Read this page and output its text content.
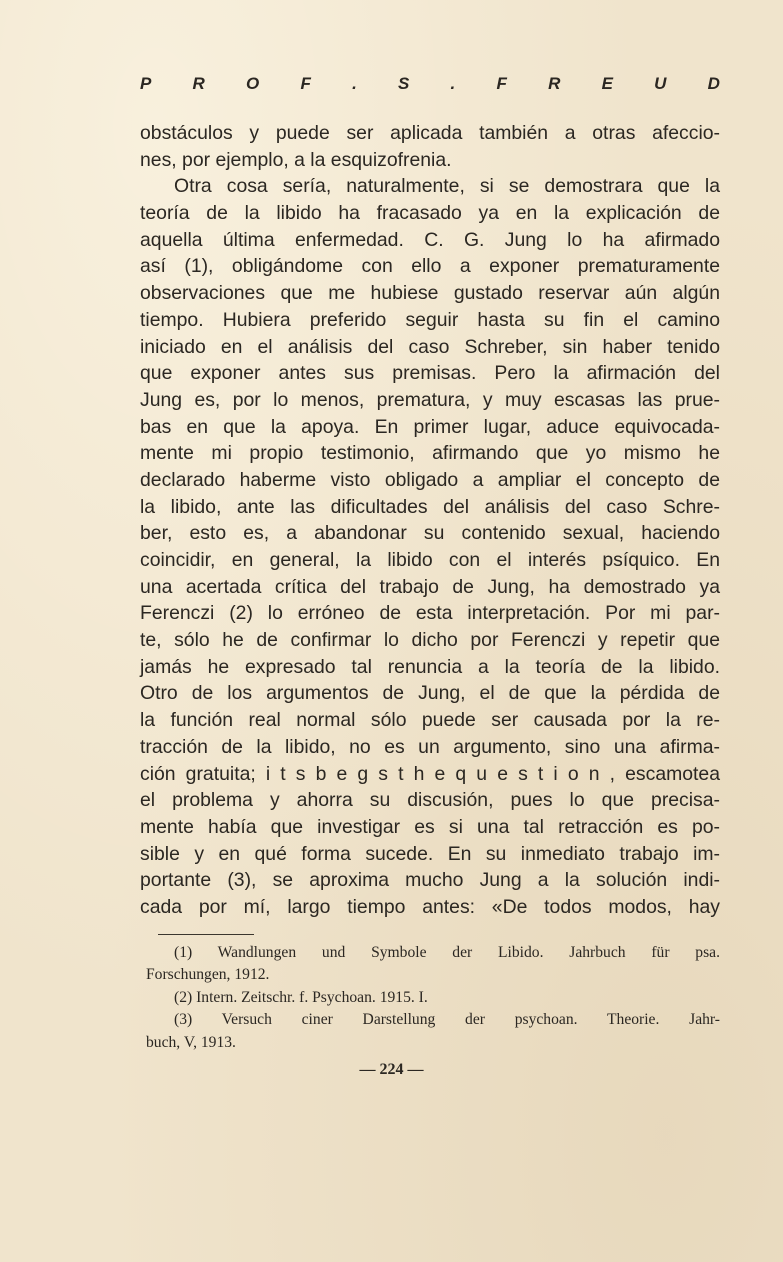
P R O F . S . F R E U D
obstáculos y puede ser aplicada también a otras afeccio-
nes, por ejemplo, a la esquizofrenia.
Otra cosa sería, naturalmente, si se demostrara que la
teoría de la libido ha fracasado ya en la explicación de
aquella última enfermedad. C. G. Jung lo ha afirmado
así (1), obligándome con ello a exponer prematuramente
observaciones que me hubiese gustado reservar aún algún
tiempo. Hubiera preferido seguir hasta su fin el camino
iniciado en el análisis del caso Schreber, sin haber tenido
que exponer antes sus premisas. Pero la afirmación del
Jung es, por lo menos, prematura, y muy escasas las prue-
bas en que la apoya. En primer lugar, aduce equivocada-
mente mi propio testimonio, afirmando que yo mismo he
declarado haberme visto obligado a ampliar el concepto de
la libido, ante las dificultades del análisis del caso Schre-
ber, esto es, a abandonar su contenido sexual, haciendo
coincidir, en general, la libido con el interés psíquico. En
una acertada crítica del trabajo de Jung, ha demostrado ya
Ferenczi (2) lo erróneo de esta interpretación. Por mi par-
te, sólo he de confirmar lo dicho por Ferenczi y repetir que
jamás he expresado tal renuncia a la teoría de la libido.
Otro de los argumentos de Jung, el de que la pérdida de
la función real normal sólo puede ser causada por la re-
tracción de la libido, no es un argumento, sino una afirma-
ción gratuita; i t s b e g s t h e q u e s t i o n , escamotea
el problema y ahorra su discusión, pues lo que precisa-
mente había que investigar es si una tal retracción es po-
sible y en qué forma sucede. En su inmediato trabajo im-
portante (3), se aproxima mucho Jung a la solución indi-
cada por mí, largo tiempo antes: «De todos modos, hay
(1) Wandlungen und Symbole der Libido. Jahrbuch für psa.
Forschungen, 1912.
(2) Intern. Zeitschr. f. Psychoan. 1915. I.
(3) Versuch ciner Darstellung der psychoan. Theorie. Jahr-
buch, V, 1913.
— 224 —
